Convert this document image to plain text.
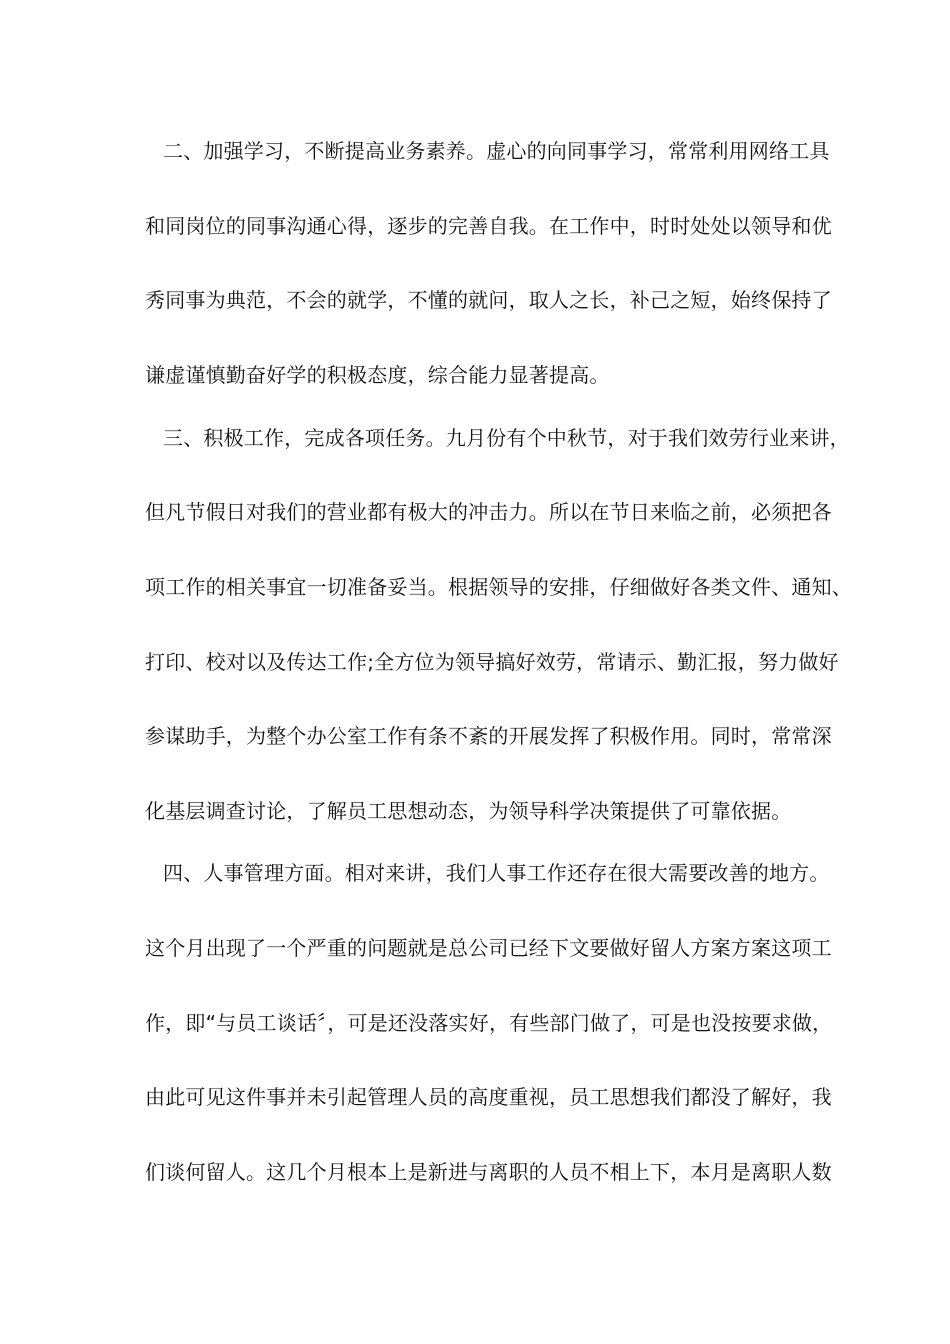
二、加强学习，不断提高业务素养。虚心的向同事学习，常常利用网络工具
和同岗位的同事沟通心得，逐步的完善自我。在工作中，时时处处以领导和优
秀同事为典范，不会的就学，不懂的就问，取人之长，补己之短，始终保持了
谦虚谨慎勤奋好学的积极态度，综合能力显著提高。
三、积极工作，完成各项任务。九月份有个中秋节，对于我们效劳行业来讲，
但凡节假日对我们的营业都有极大的冲击力。所以在节日来临之前，必须把各
项工作的相关事宜一切准备妥当。根据领导的安排，仔细做好各类文件、通知、
打印、校对以及传达工作;全方位为领导搞好效劳，常请示、勤汇报，努力做好
参谋助手，为整个办公室工作有条不紊的开展发挥了积极作用。同时，常常深
化基层调查讨论，了解员工思想动态，为领导科学决策提供了可靠依据。
四、人事管理方面。相对来讲，我们人事工作还存在很大需要改善的地方。
这个月出现了一个严重的问题就是总公司已经下文要做好留人方案方案这项工
作，即“与员工谈话〞，可是还没落实好，有些部门做了，可是也没按要求做，
由此可见这件事并未引起管理人员的高度重视，员工思想我们都没了解好，我
们谈何留人。这几个月根本上是新进与离职的人员不相上下，本月是离职人数
